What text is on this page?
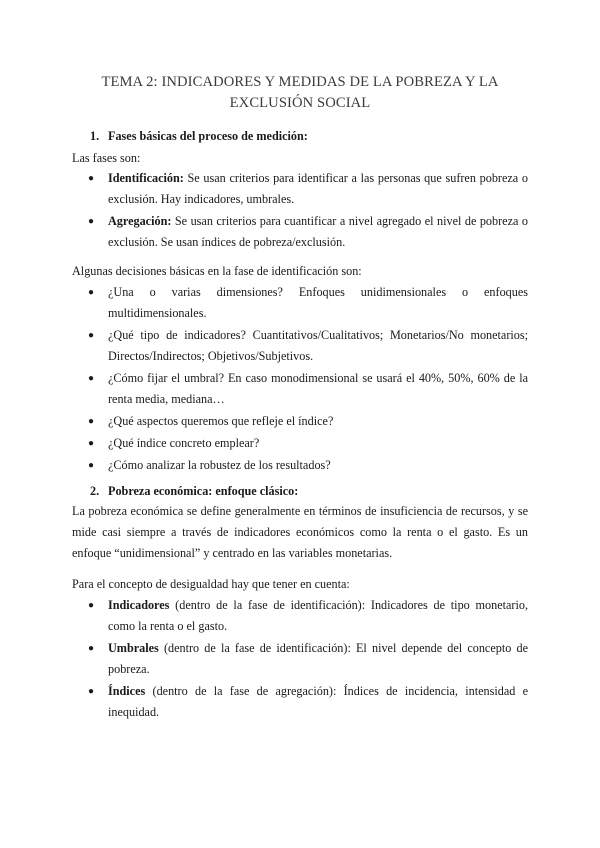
TEMA 2: INDICADORES Y MEDIDAS DE LA POBREZA Y LA EXCLUSIÓN SOCIAL
1. Fases básicas del proceso de medición:
Las fases son:
● Identificación: Se usan criterios para identificar a las personas que sufren pobreza o exclusión. Hay indicadores, umbrales.
● Agregación: Se usan criterios para cuantificar a nivel agregado el nivel de pobreza o exclusión. Se usan índices de pobreza/exclusión.
Algunas decisiones básicas en la fase de identificación son:
● ¿Una o varias dimensiones? Enfoques unidimensionales o enfoques multidimensionales.
● ¿Qué tipo de indicadores? Cuantitativos/Cualitativos; Monetarios/No monetarios; Directos/Indirectos; Objetivos/Subjetivos.
● ¿Cómo fijar el umbral? En caso monodimensional se usará el 40%, 50%, 60% de la renta media, mediana…
● ¿Qué aspectos queremos que refleje el índice?
● ¿Qué índice concreto emplear?
● ¿Cómo analizar la robustez de los resultados?
2. Pobreza económica: enfoque clásico:
La pobreza económica se define generalmente en términos de insuficiencia de recursos, y se mide casi siempre a través de indicadores económicos como la renta o el gasto. Es un enfoque “unidimensional” y centrado en las variables monetarias.
Para el concepto de desigualdad hay que tener en cuenta:
● Indicadores (dentro de la fase de identificación): Indicadores de tipo monetario, como la renta o el gasto.
● Umbrales (dentro de la fase de identificación): El nivel depende del concepto de pobreza.
● Índices (dentro de la fase de agregación): Índices de incidencia, intensidad e inequidad.
